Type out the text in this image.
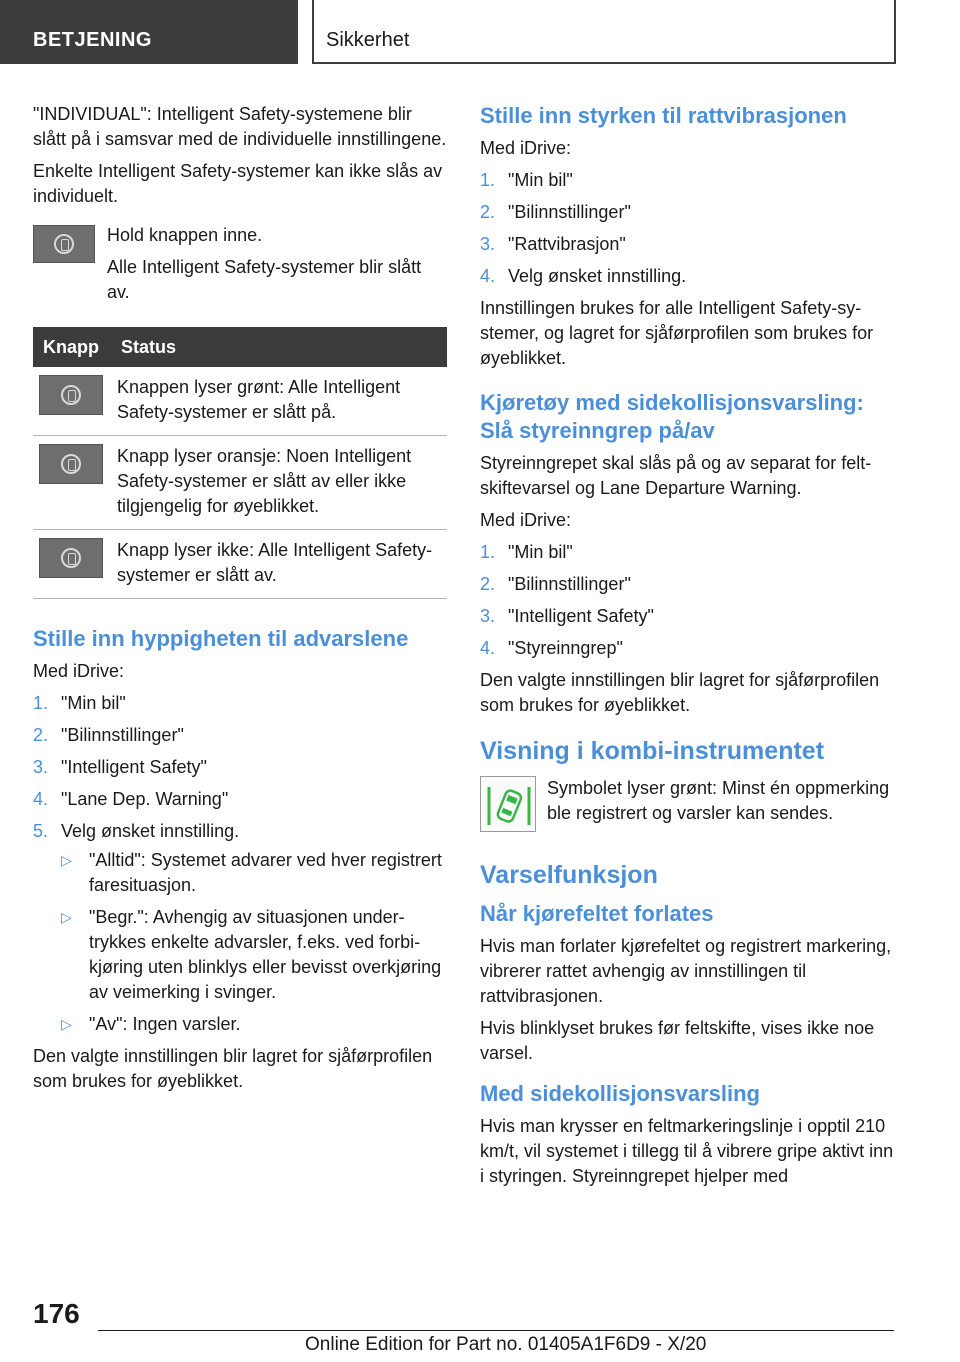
BETJENING	Sikkerhet

"INDIVIDUAL": Intelligent Safety-systemene blir slått på i samsvar med de individuelle innstillingene.

Enkelte Intelligent Safety-systemer kan ikke slås av individuelt.

Hold knappen inne.

Alle Intelligent Safety-systemer blir slått av.

Knapp	Status

	Knappen lyser grønt: Alle Intelligent Safety-systemer er slått på.

	Knapp lyser oransje: Noen Intelligent Safety-systemer er slått av eller ikke tilgjengelig for øyeblikket.

	Knapp lyser ikke: Alle Intelligent Safety-systemer er slått av.
Stille inn hyppigheten til advarslene

Med iDrive:

1. "Min bil"
2. "Bilinnstillinger"
3. "Intelligent Safety"
4. "Lane Dep. Warning"
5. Velg ønsket innstilling.
▷ "Alltid": Systemet advarer ved hver registrert faresituasjon.
▷ "Begr.": Avhengig av situasjonen undertrykkes enkelte advarsler, f.eks. ved forbikjøring uten blinklys eller bevisst overkjøring av veimerking i svinger.
▷ "Av": Ingen varsler.

Den valgte innstillingen blir lagret for sjåførprofilen som brukes for øyeblikket.

Stille inn styrken til rattvibrasjonen

Med iDrive:

1. "Min bil"
2. "Bilinnstillinger"
3. "Rattvibrasjon"
4. Velg ønsket innstilling.

Innstillingen brukes for alle Intelligent Safety-systemer, og lagret for sjåførprofilen som brukes for øyeblikket.

Kjøretøy med sidekollisjonsvarsling: Slå styreinngrep på/av

Styreinngrepet skal slås på og av separat for feltskiftevarsel og Lane Departure Warning.

Med iDrive:

1. "Min bil"
2. "Bilinnstillinger"
3. "Intelligent Safety"
4. "Styreinngrep"

Den valgte innstillingen blir lagret for sjåførprofilen som brukes for øyeblikket.

Visning i kombi-instrumentet

Symbolet lyser grønt: Minst én oppmerking ble registrert og varsler kan sendes.

Varselfunksjon
Når kjørefeltet forlates

Hvis man forlater kjørefeltet og registrert markering, vibrerer rattet avhengig av innstillingen til rattvibrasjonen.

Hvis blinklyset brukes før feltskifte, vises ikke noe varsel.

Med sidekollisjonsvarsling

Hvis man krysser en feltmarkeringslinje i opptil 210 km/t, vil systemet i tillegg til å vibrere gripe aktivt inn i styringen. Styreinngrepet hjelper med

176
Online Edition for Part no. 01405A1F6D9 - X/20
